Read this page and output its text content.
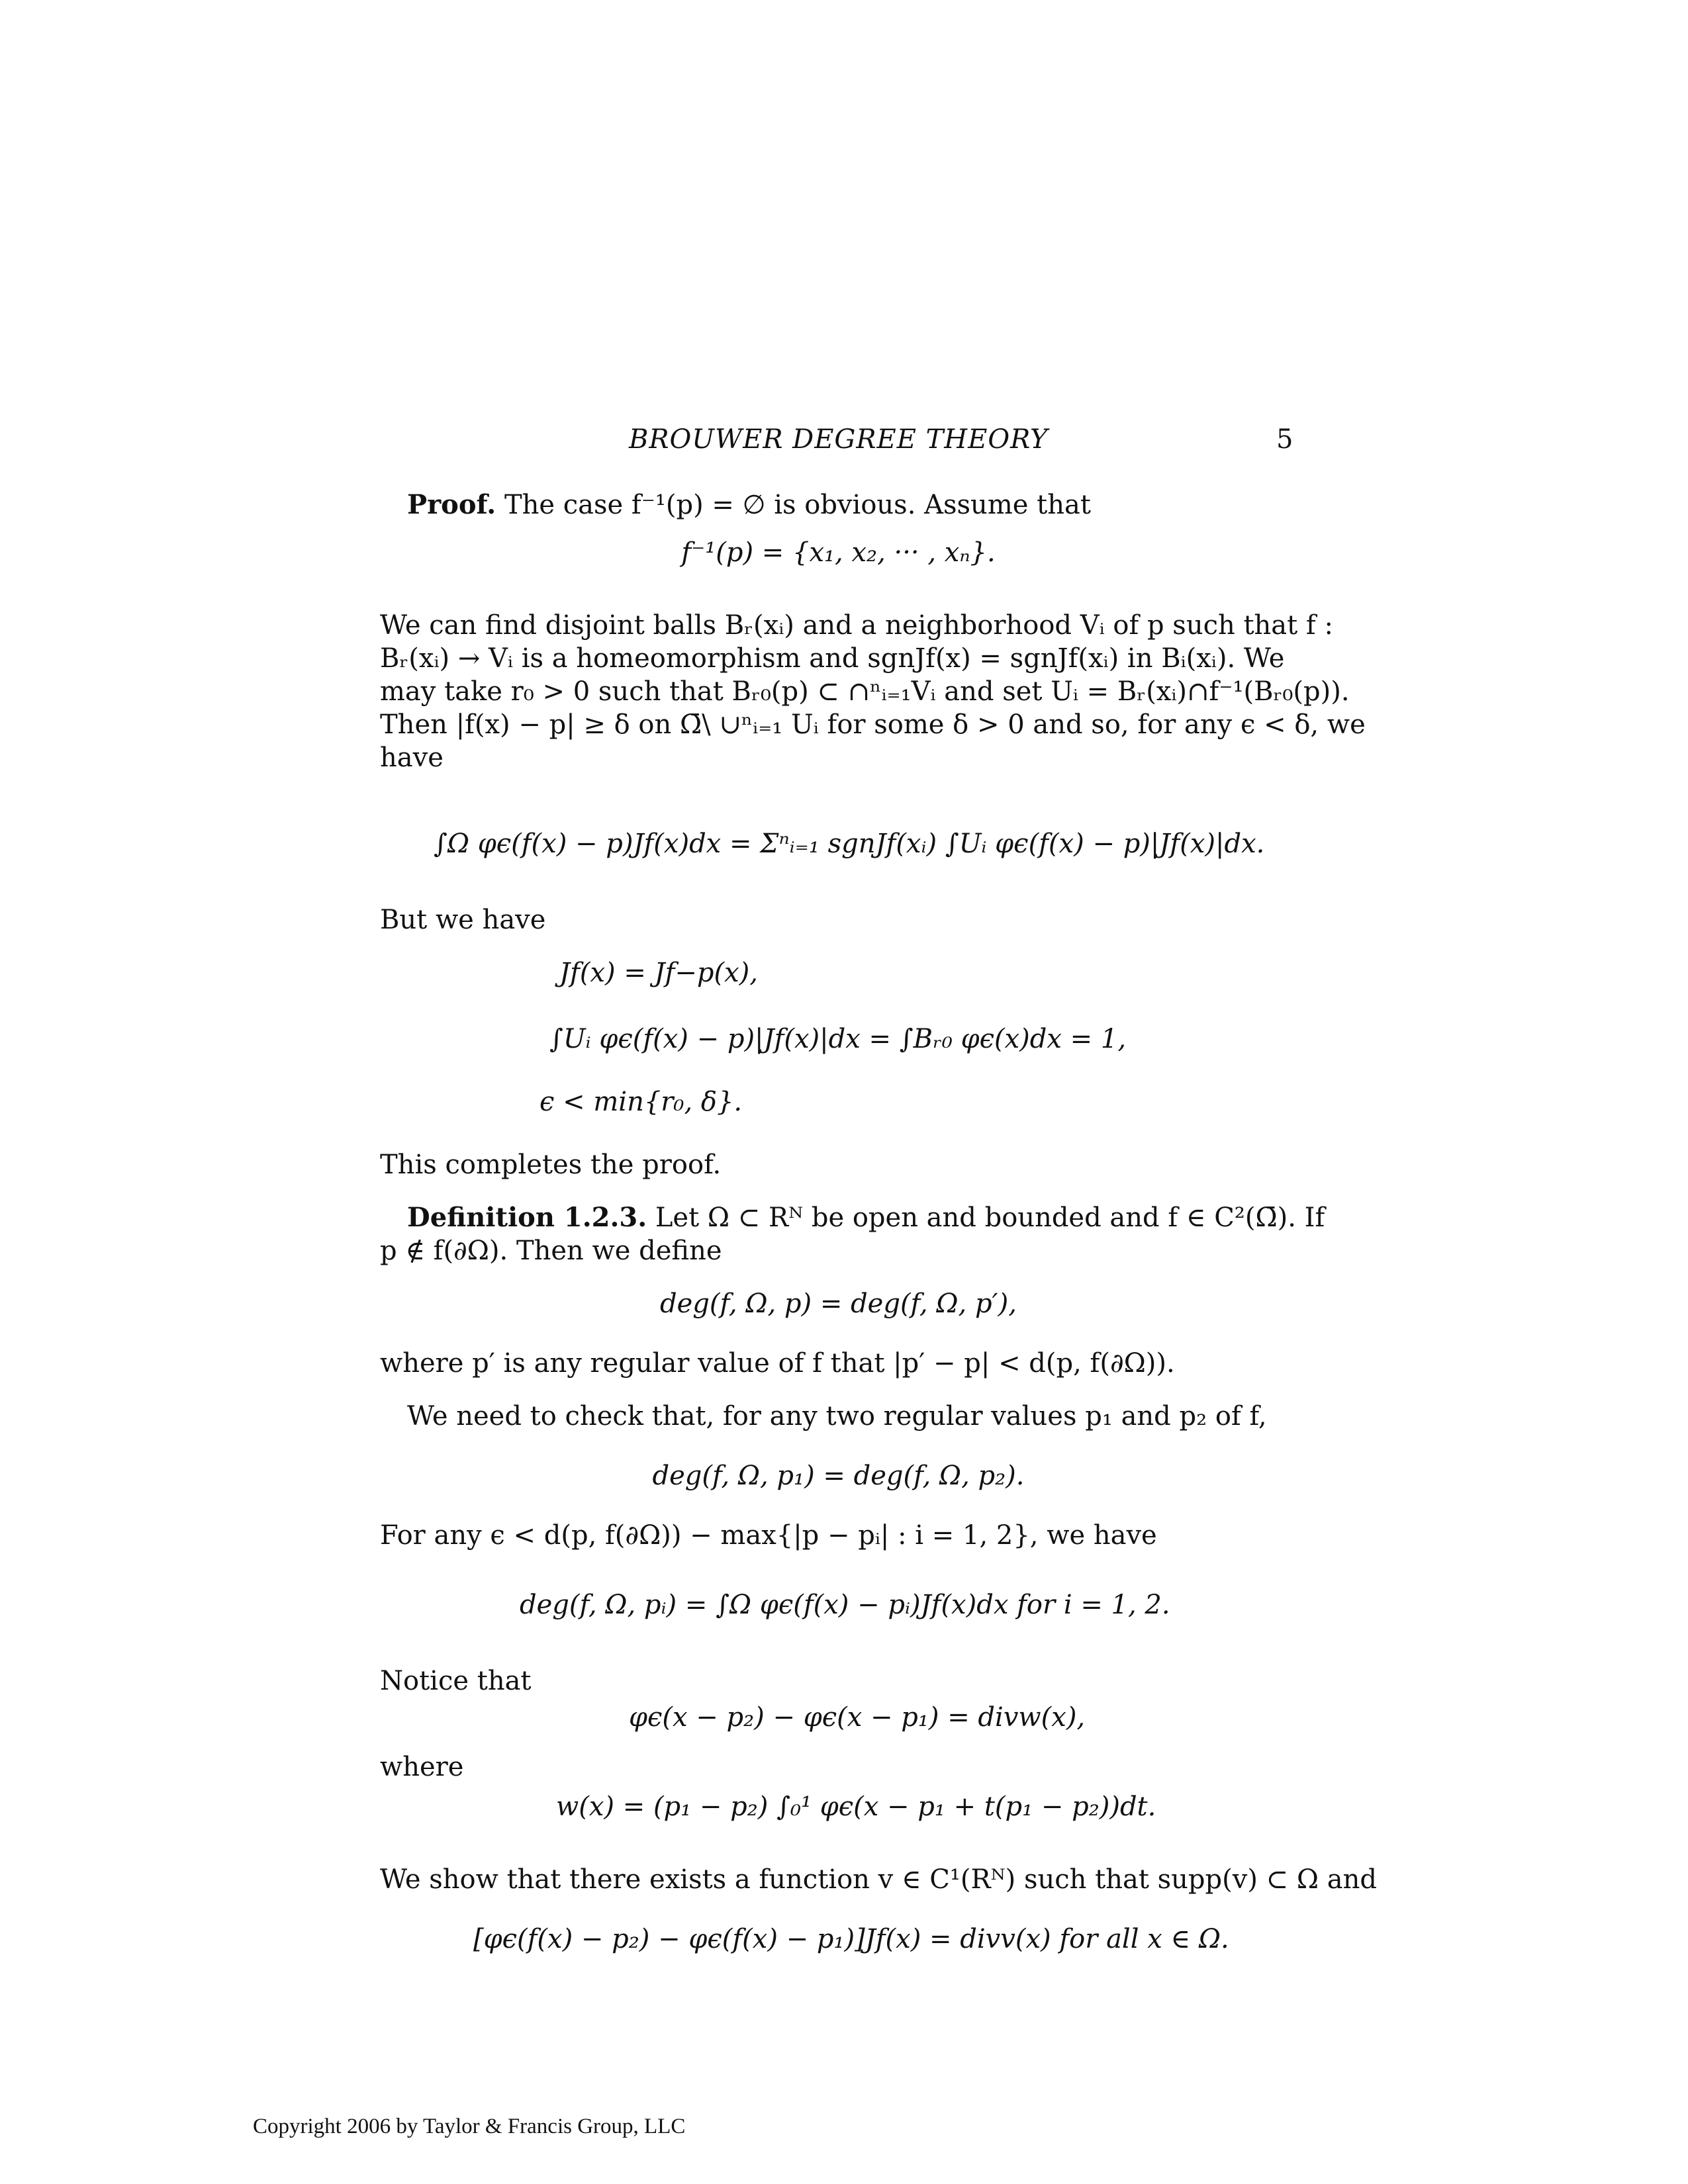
BROUWER DEGREE THEORY	5
Proof. The case f⁻¹(p) = ∅ is obvious. Assume that
f⁻¹(p) = {x₁, x₂, ··· , xₙ}.
We can find disjoint balls Bᵣ(xᵢ) and a neighborhood Vᵢ of p such that f :
Bᵣ(xᵢ) → Vᵢ is a homeomorphism and sgnJf(x) = sgnJf(xᵢ) in Bᵢ(xᵢ). We
may take r₀ > 0 such that Bᵣ₀(p) ⊂ ∩ⁿᵢ₌₁Vᵢ and set Uᵢ = Bᵣ(xᵢ)∩f⁻¹(Bᵣ₀(p)).
Then |f(x) − p| ≥ δ on Ω̄\ ∪ⁿᵢ₌₁ Uᵢ for some δ > 0 and so, for any ϵ < δ, we
have
∫Ω φϵ(f(x) − p)Jf(x)dx = Σⁿᵢ₌₁ sgnJf(xᵢ) ∫Uᵢ φϵ(f(x) − p)|Jf(x)|dx.
But we have
Jf(x) = Jf−p(x),
∫Uᵢ φϵ(f(x) − p)|Jf(x)|dx = ∫Bᵣ₀ φϵ(x)dx = 1,
ϵ < min{r₀, δ}.
This completes the proof.
Definition 1.2.3. Let Ω ⊂ Rᴺ be open and bounded and f ∈ C²(Ω̄). If
p ∉ f(∂Ω). Then we define
deg(f, Ω, p) = deg(f, Ω, p′),
where p′ is any regular value of f that |p′ − p| < d(p, f(∂Ω)).
We need to check that, for any two regular values p₁ and p₂ of f,
deg(f, Ω, p₁) = deg(f, Ω, p₂).
For any ϵ < d(p, f(∂Ω)) − max{|p − pᵢ| : i = 1, 2}, we have
deg(f, Ω, pᵢ) = ∫Ω φϵ(f(x) − pᵢ)Jf(x)dx for i = 1, 2.
Notice that
φϵ(x − p₂) − φϵ(x − p₁) = divw(x),
where
w(x) = (p₁ − p₂) ∫₀¹ φϵ(x − p₁ + t(p₁ − p₂))dt.
We show that there exists a function v ∈ C¹(Rᴺ) such that supp(v) ⊂ Ω and
[φϵ(f(x) − p₂) − φϵ(f(x) − p₁)]Jf(x) = divv(x) for all x ∈ Ω.
Copyright 2006 by Taylor & Francis Group, LLC
